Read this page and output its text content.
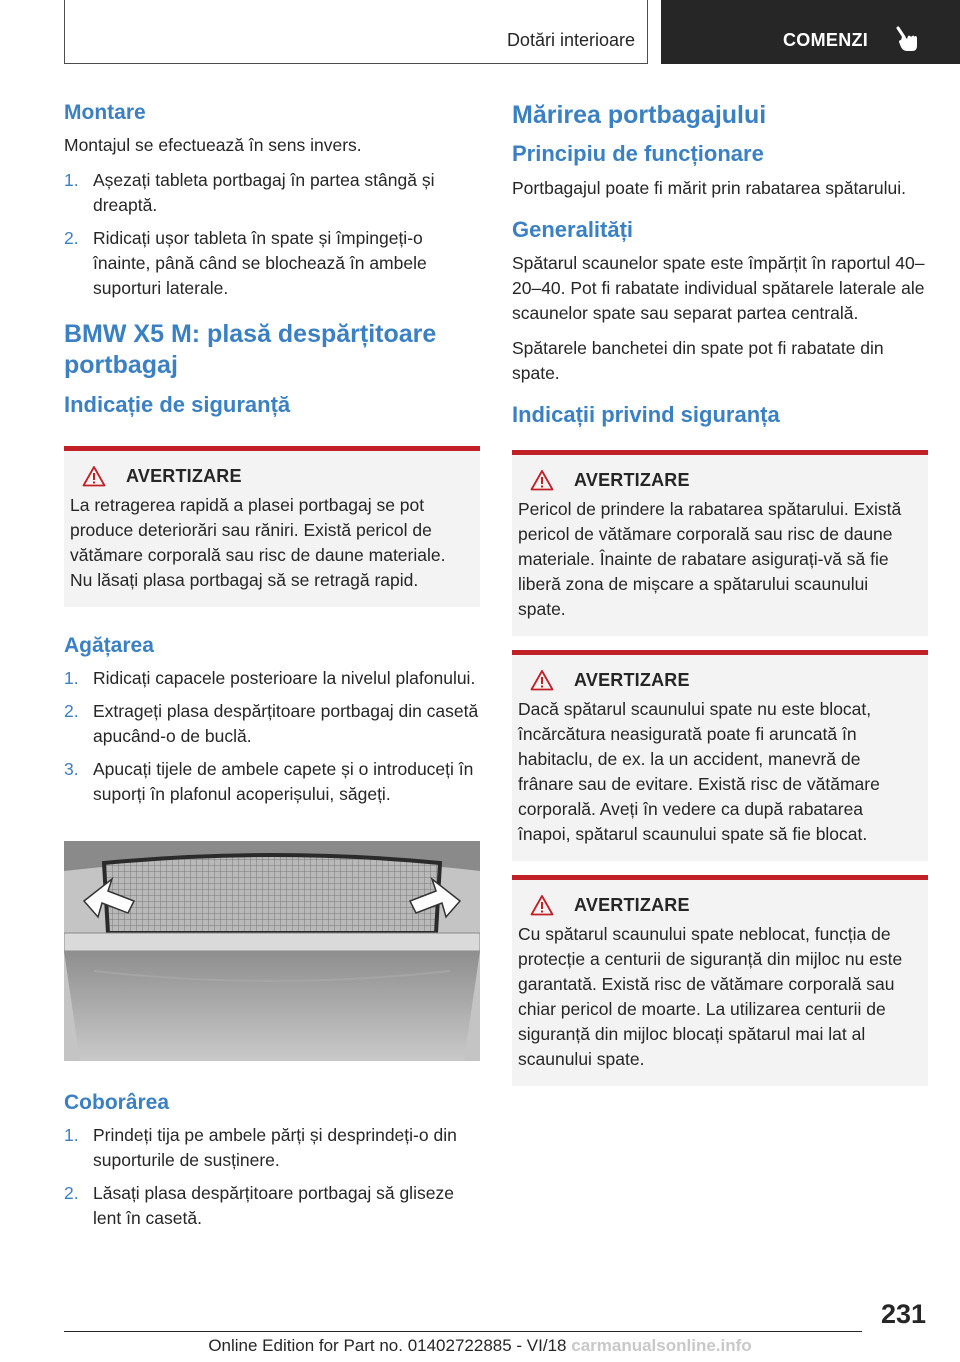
Dotări interioare	COMENZI
Montare

Montajul se efectuează în sens invers.

1. Așezați tableta portbagaj în partea stângă și dreaptă.
2. Ridicați ușor tableta în spate și împingeți-o înainte, până când se blochează în ambele suporturi laterale.
BMW X5 M: plasă despărțitoare portbagaj
Indicație de siguranță
AVERTIZARE

La retragerea rapidă a plasei portbagaj se pot produce deteriorări sau răniri. Există pericol de vătămare corporală sau risc de daune materiale. Nu lăsați plasa portbagaj să se retragă rapid.

Agățarea
1. Ridicați capacele posterioare la nivelul plafonului.
2. Extrageți plasa despărțitoare portbagaj din casetă apucând-o de buclă.
3. Apucați tijele de ambele capete și o introduceți în suporți în plafonul acoperișului, săgeți.
Coborârea
1. Prindeți tija pe ambele părți și desprindeți-o din suporturile de susținere.
2. Lăsați plasa despărțitoare portbagaj să gliseze lent în casetă.
Mărirea portbagajului
Principiu de funcționare

Portbagajul poate fi mărit prin rabatarea spătarului.

Generalități

Spătarul scaunelor spate este împărțit în raportul 40–20–40. Pot fi rabatate individual spătarele laterale ale scaunelor spate sau separat partea centrală.

Spătarele banchetei din spate pot fi rabatate din spate.

Indicații privind siguranța
AVERTIZARE

Pericol de prindere la rabatarea spătarului. Există pericol de vătămare corporală sau risc de daune materiale. Înainte de rabatare asigurați-vă să fie liberă zona de mișcare a spătarului scaunului spate.

AVERTIZARE

Dacă spătarul scaunului spate nu este blocat, încărcătura neasigurată poate fi aruncată în habitaclu, de ex. la un accident, manevră de frânare sau de evitare. Există risc de vătămare corporală. Aveți în vedere ca după rabatarea înapoi, spătarul scaunului spate să fie blocat.

AVERTIZARE

Cu spătarul scaunului spate neblocat, funcția de protecție a centurii de siguranță din mijloc nu este garantată. Există risc de vătămare corporală sau chiar pericol de moarte. La utilizarea centurii de siguranță din mijloc blocați spătarul mai lat al scaunului spate.

231
Online Edition for Part no. 01402722885 - VI/18 carmanualsonline.info
